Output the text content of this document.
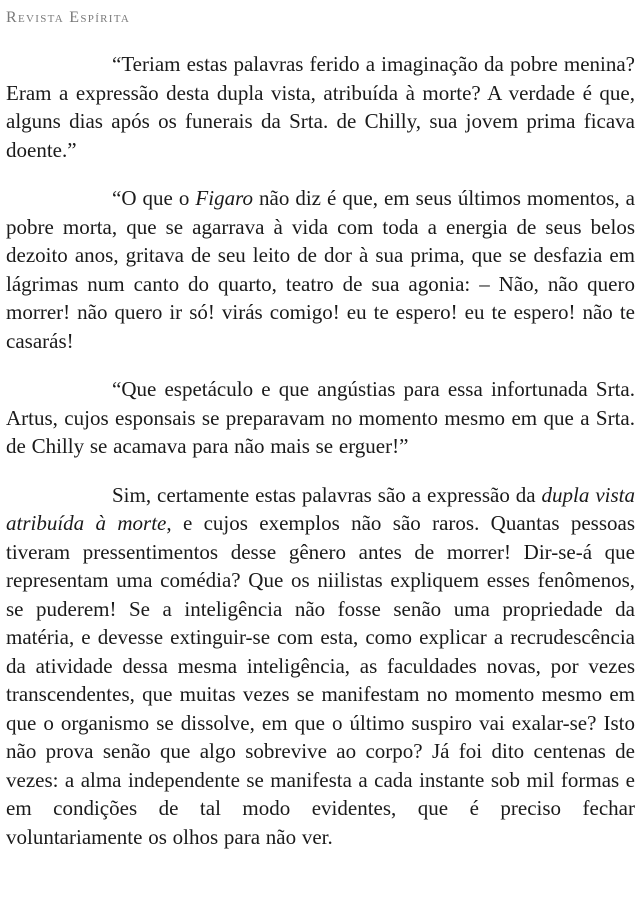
Revista Espírita

“Teriam estas palavras ferido a imaginação da pobre menina? Eram a expressão desta dupla vista, atribuída à morte? A verdade é que, alguns dias após os funerais da Srta. de Chilly, sua jovem prima ficava doente.”

“O que o Figaro não diz é que, em seus últimos momentos, a pobre morta, que se agarrava à vida com toda a energia de seus belos dezoito anos, gritava de seu leito de dor à sua prima, que se desfazia em lágrimas num canto do quarto, teatro de sua agonia: – Não, não quero morrer! não quero ir só! virás comigo! eu te espero! eu te espero! não te casarás!

“Que espetáculo e que angústias para essa infortunada Srta. Artus, cujos esponsais se preparavam no momento mesmo em que a Srta. de Chilly se acamava para não mais se erguer!”

Sim, certamente estas palavras são a expressão da dupla vista atribuída à morte, e cujos exemplos não são raros. Quantas pessoas tiveram pressentimentos desse gênero antes de morrer! Dir-se-á que representam uma comédia? Que os niilistas expliquem esses fenômenos, se puderem! Se a inteligência não fosse senão uma propriedade da matéria, e devesse extinguir-se com esta, como explicar a recrudescência da atividade dessa mesma inteligência, as faculdades novas, por vezes transcendentes, que muitas vezes se manifestam no momento mesmo em que o organismo se dissolve, em que o último suspiro vai exalar-se? Isto não prova senão que algo sobrevive ao corpo? Já foi dito centenas de vezes: a alma independente se manifesta a cada instante sob mil formas e em condições de tal modo evidentes, que é preciso fechar voluntariamente os olhos para não ver.
